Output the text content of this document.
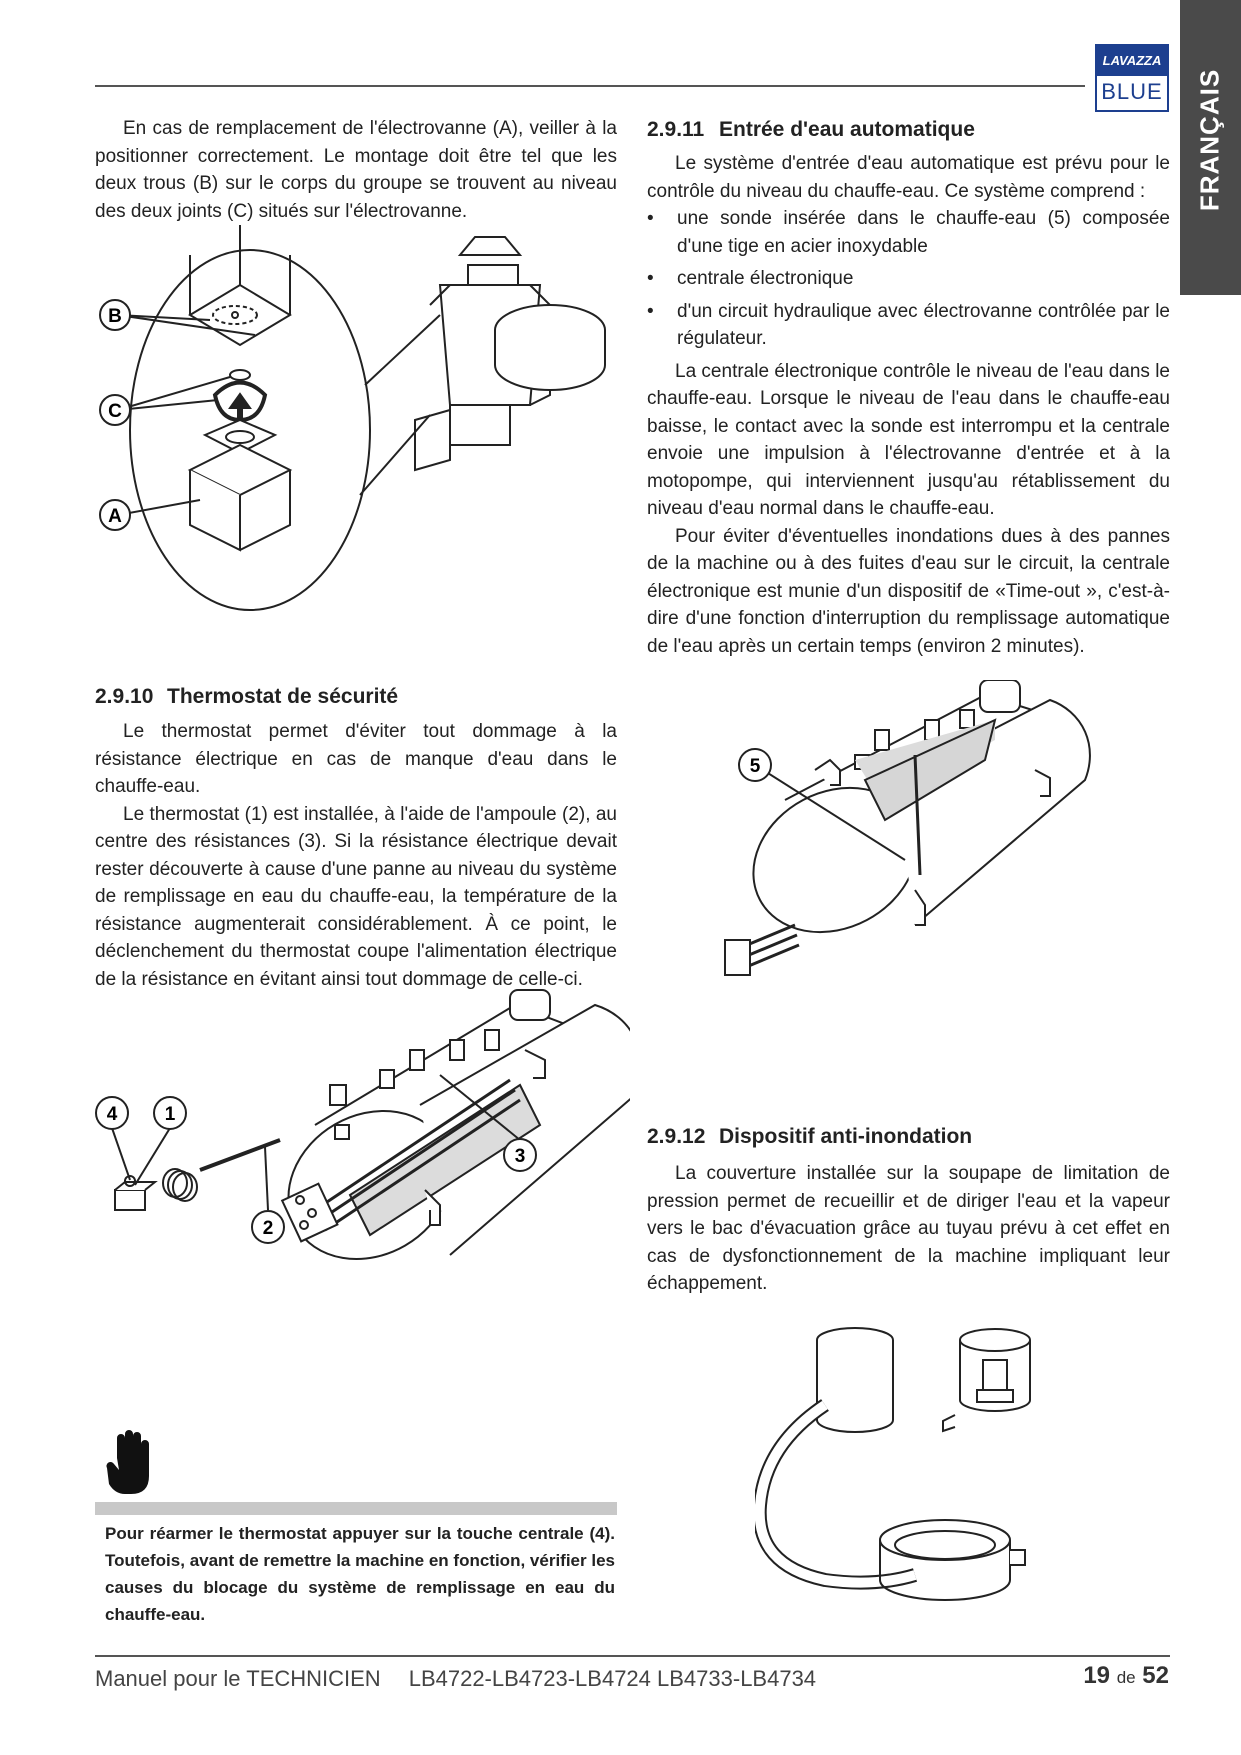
LAVAZZA
BLUE FRANÇAIS

En cas de remplacement de l'électrovanne (A), veiller à la positionner correctement. Le montage doit être tel que les deux trous (B) sur le corps du groupe se trouvent au niveau des deux joints (C) situés sur l'électrovanne.

B
C
A
2.9.10 Thermostat de sécurité

Le thermostat permet d'éviter tout dommage à la résistance électrique en cas de manque d'eau dans le chauffe-eau.

Le thermostat (1) est installée, à l'aide de l'ampoule (2), au centre des résistances (3). Si la résistance électrique devait rester découverte à cause d'une panne au niveau du système de remplissage en eau du chauffe-eau, la température de la résistance augmenterait considérablement. À ce point, le déclenchement du thermostat coupe l'alimentation électrique de la résistance en évitant ainsi tout dommage de celle-ci.

4 1
3
2
Pour réarmer le thermostat appuyer sur la touche centrale (4). Toutefois, avant de remettre la machine en fonction, vérifier les causes du blocage du système de remplissage en eau du chauffe-eau.
2.9.11 Entrée d'eau automatique

Le système d'entrée d'eau automatique est prévu pour le contrôle du niveau du chauffe-eau. Ce système comprend :

• une sonde insérée dans le chauffe-eau (5) composée d'une tige en acier inoxydable
• centrale électronique
• d'un circuit hydraulique avec électrovanne contrôlée par le régulateur.

La centrale électronique contrôle le niveau de l'eau dans le chauffe-eau. Lorsque le niveau de l'eau dans le chauffe-eau baisse, le contact avec la sonde est interrompu et la centrale envoie une impulsion à l'électrovanne d'entrée et à la motopompe, qui interviennent jusqu'au rétablissement du niveau d'eau normal dans le chauffe-eau.

Pour éviter d'éventuelles inondations dues à des pannes de la machine ou à des fuites d'eau sur le circuit, la centrale électronique est munie d'un dispositif de «Time-out », c'est-à-dire d'une fonction d'interruption du remplissage automatique de l'eau après un certain temps (environ 2 minutes).

5
2.9.12 Dispositif anti-inondation

La couverture installée sur la soupape de limitation de pression permet de recueillir et de diriger l'eau et la vapeur vers le bac d'évacuation grâce au tuyau prévu à cet effet en cas de dysfonctionnement de la machine impliquant leur échappement.

Manuel pour le TECHNICIEN LB4722-LB4723-LB4724 LB4733-LB4734	19 de 52
